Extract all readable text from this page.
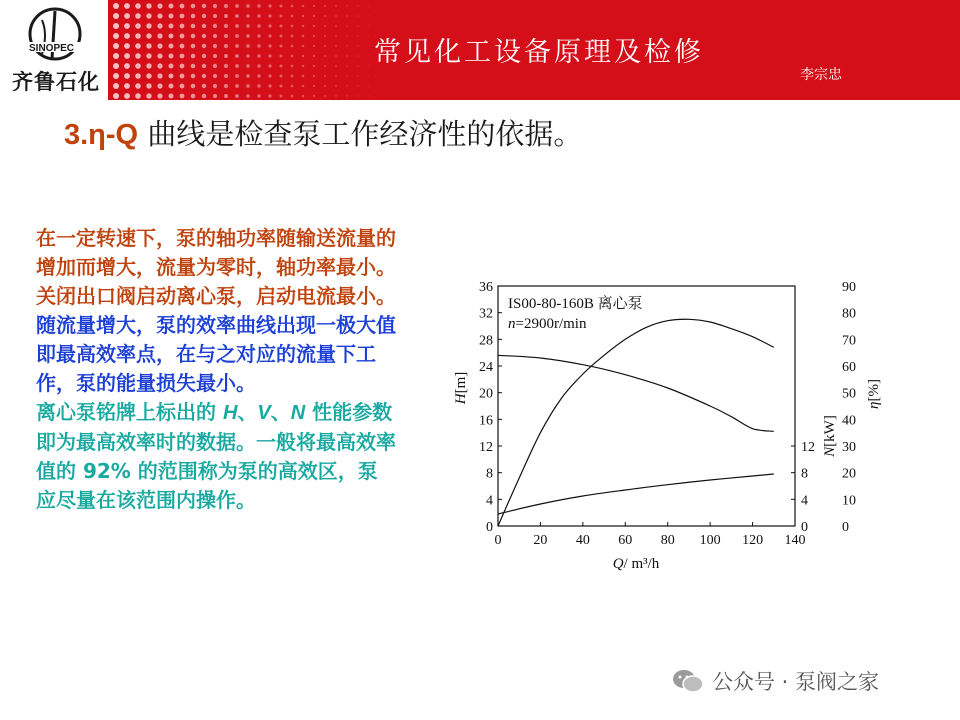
SINOPEC
齐鲁石化
常见化工设备原理及检修
李宗忠
3.η-Q 曲线是检查泵工作经济性的依据。
在一定转速下，泵的轴功率随输送流量的增加而增大，流量为零时，轴功率最小。关闭出口阀启动离心泵，启动电流最小。
随流量增大，泵的效率曲线出现一极大值即最高效率点，在与之对应的流量下工作，泵的能量损失最小。
离心泵铭牌上标出的 H、V、N 性能参数即为最高效率时的数据。一般将最高效率值的 92% 的范围称为泵的高效区，泵应尽量在该范围内操作。
IS00-80-160B 离心泵
n=2900r/min
Q/ m³/h
H[m]
N[kW]
η[%]
0 20 40 60 80 100 120 140
0
4
8
12
16
20
24
28
32
36
0
4
8
12
0
10
20
30
40
50
60
70
80
90
公众号 · 泵阀之家
